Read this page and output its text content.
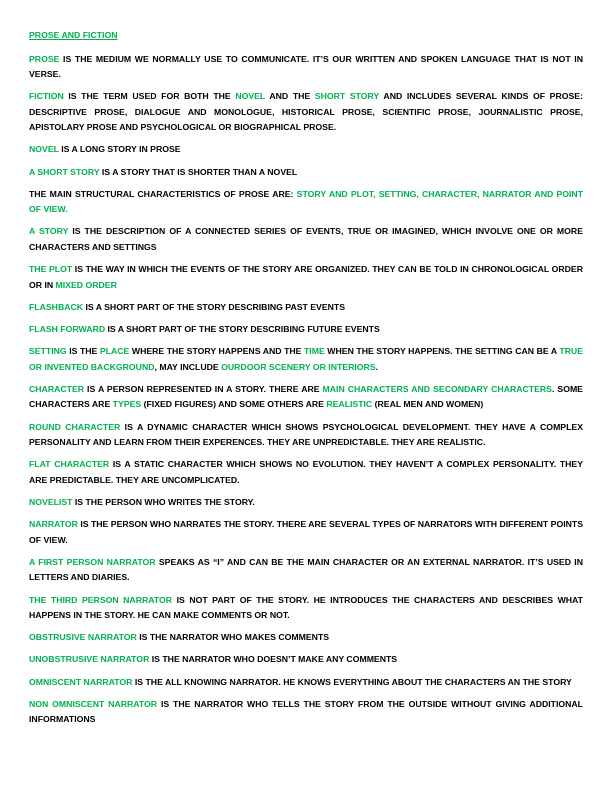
PROSE AND FICTION

PROSE IS THE MEDIUM WE NORMALLY USE TO COMMUNICATE. IT’S OUR WRITTEN AND SPOKEN LANGUAGE THAT IS NOT IN VERSE.

FICTION IS THE TERM USED FOR BOTH THE NOVEL AND THE SHORT STORY AND INCLUDES SEVERAL KINDS OF PROSE: DESCRIPTIVE PROSE, DIALOGUE AND MONOLOGUE, HISTORICAL PROSE, SCIENTIFIC PROSE, JOURNALISTIC PROSE, APISTOLARY PROSE AND PSYCHOLOGICAL OR BIOGRAPHICAL PROSE.

NOVEL IS A LONG STORY IN PROSE

A SHORT STORY IS A STORY THAT IS SHORTER THAN A NOVEL

THE MAIN STRUCTURAL CHARACTERISTICS OF PROSE ARE: STORY AND PLOT, SETTING, CHARACTER, NARRATOR AND POINT OF VIEW.

A STORY IS THE DESCRIPTION OF A CONNECTED SERIES OF EVENTS, TRUE OR IMAGINED, WHICH INVOLVE ONE OR MORE CHARACTERS AND SETTINGS

THE PLOT IS THE WAY IN WHICH THE EVENTS OF THE STORY ARE ORGANIZED. THEY CAN BE TOLD IN CHRONOLOGICAL ORDER OR IN MIXED ORDER

FLASHBACK IS A SHORT PART OF THE STORY DESCRIBING PAST EVENTS

FLASH FORWARD IS A SHORT PART OF THE STORY DESCRIBING FUTURE EVENTS

SETTING IS THE PLACE WHERE THE STORY HAPPENS AND THE TIME WHEN THE STORY HAPPENS. THE SETTING CAN BE A TRUE OR INVENTED BACKGROUND, MAY INCLUDE OURDOOR SCENERY OR INTERIORS.

CHARACTER IS A PERSON REPRESENTED IN A STORY. THERE ARE MAIN CHARACTERS AND SECONDARY CHARACTERS. SOME CHARACTERS ARE TYPES (FIXED FIGURES) AND SOME OTHERS ARE REALISTIC (REAL MEN AND WOMEN)

ROUND CHARACTER IS A DYNAMIC CHARACTER WHICH SHOWS PSYCHOLOGICAL DEVELOPMENT. THEY HAVE A COMPLEX PERSONALITY AND LEARN FROM THEIR EXPERENCES. THEY ARE UNPREDICTABLE. THEY ARE REALISTIC.

FLAT CHARACTER IS A STATIC CHARACTER WHICH SHOWS NO EVOLUTION. THEY HAVEN’T A COMPLEX PERSONALITY. THEY ARE PREDICTABLE. THEY ARE UNCOMPLICATED.

NOVELIST IS THE PERSON WHO WRITES THE STORY.

NARRATOR IS THE PERSON WHO NARRATES THE STORY. THERE ARE SEVERAL TYPES OF NARRATORS WITH DIFFERENT POINTS OF VIEW.

A FIRST PERSON NARRATOR SPEAKS AS “I” AND CAN BE THE MAIN CHARACTER OR AN EXTERNAL NARRATOR. IT’S USED IN LETTERS AND DIARIES.

THE THIRD PERSON NARRATOR IS NOT PART OF THE STORY. HE INTRODUCES THE CHARACTERS AND DESCRIBES WHAT HAPPENS IN THE STORY. HE CAN MAKE COMMENTS OR NOT.

OBSTRUSIVE NARRATOR IS THE NARRATOR WHO MAKES COMMENTS

UNOBSTRUSIVE NARRATOR IS THE NARRATOR WHO DOESN’T MAKE ANY COMMENTS

OMNISCENT NARRATOR IS THE ALL KNOWING NARRATOR. HE KNOWS EVERYTHING ABOUT THE CHARACTERS AN THE STORY

NON OMNISCENT NARRATOR IS THE NARRATOR WHO TELLS THE STORY FROM THE OUTSIDE WITHOUT GIVING ADDITIONAL INFORMATIONS
